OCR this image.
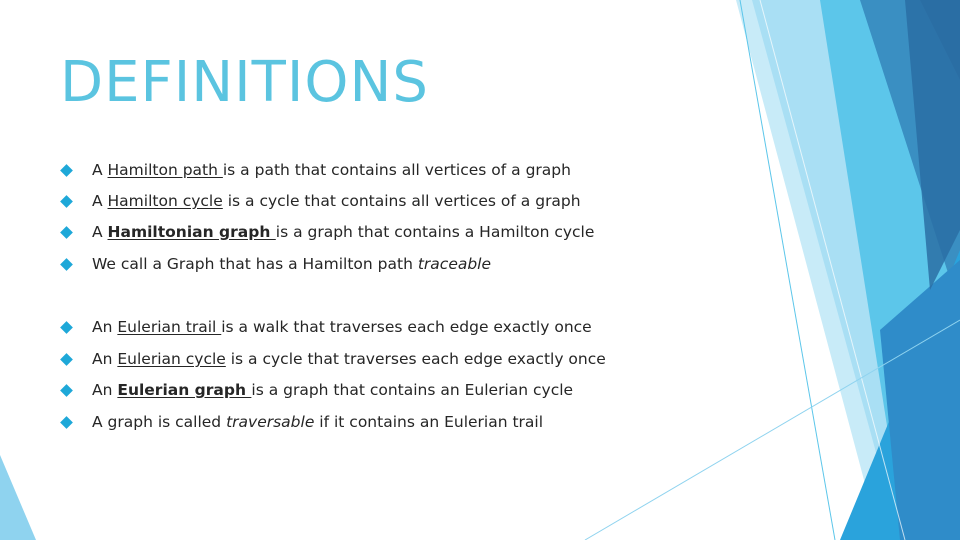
DEFINITIONS
A Hamilton path is a path that contains all vertices of a graph
A Hamilton cycle is a cycle that contains all vertices of a graph
A Hamiltonian graph is a graph that contains a Hamilton cycle
We call a Graph that has a Hamilton path traceable
An Eulerian trail is a walk that traverses each edge exactly once
An Eulerian cycle is a cycle that traverses each edge exactly once
An Eulerian graph is a graph that contains an Eulerian cycle
A graph is called traversable if it contains an Eulerian trail
